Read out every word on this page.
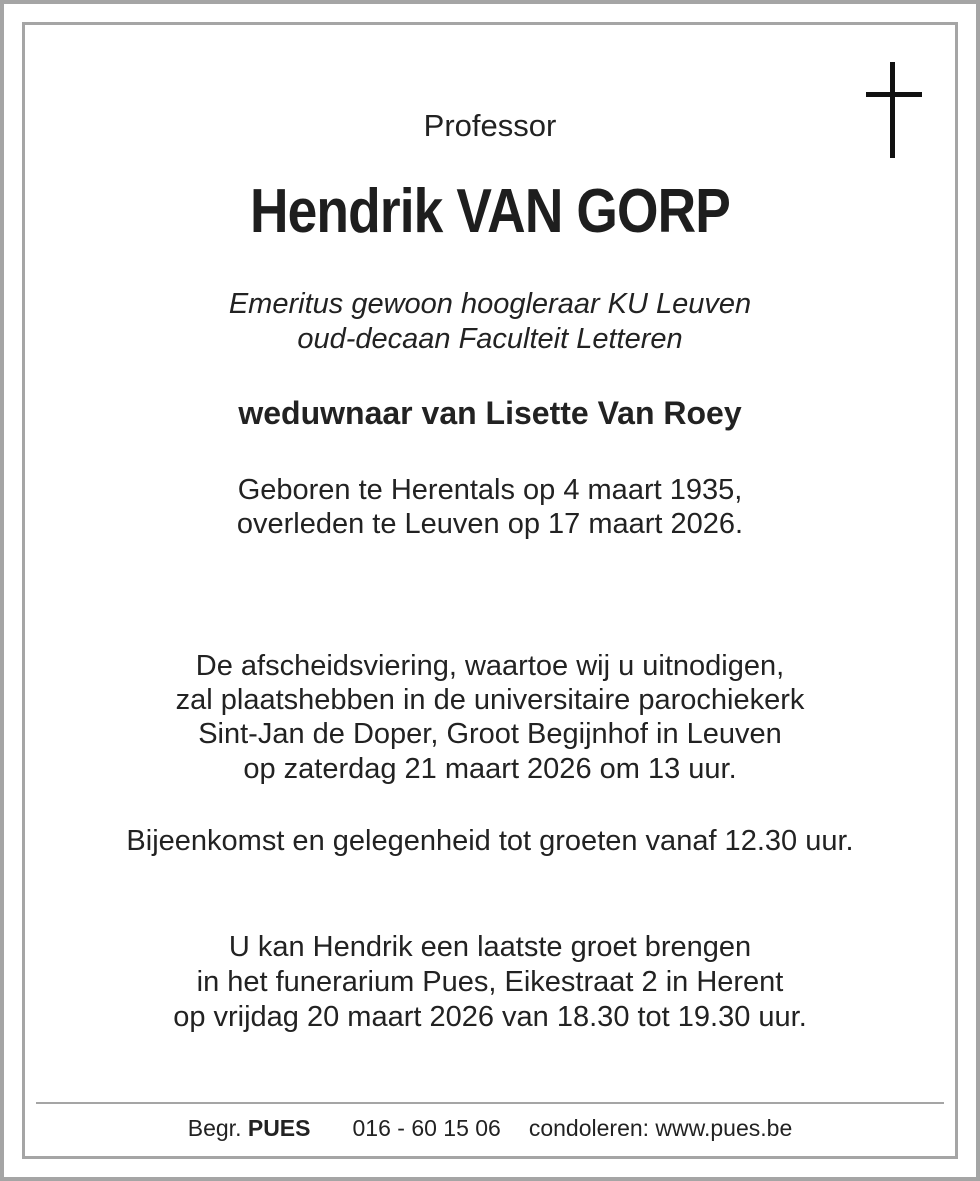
Professor

Hendrik VAN GORP

Emeritus gewoon hoogleraar KU Leuven

oud-decaan Faculteit Letteren

weduwnaar van Lisette Van Roey

Geboren te Herentals op 4 maart 1935,

overleden te Leuven op 17 maart 2026.

De afscheidsviering, waartoe wij u uitnodigen,

zal plaatshebben in de universitaire parochiekerk

Sint-Jan de Doper, Groot Begijnhof in Leuven

op zaterdag 21 maart 2026 om 13 uur.

Bijeenkomst en gelegenheid tot groeten vanaf 12.30 uur.

U kan Hendrik een laatste groet brengen

in het funerarium Pues, Eikestraat 2 in Herent

op vrijdag 20 maart 2026 van 18.30 tot 19.30 uur.

Begr. PUES 016 - 60 15 06 condoleren: www.pues.be
